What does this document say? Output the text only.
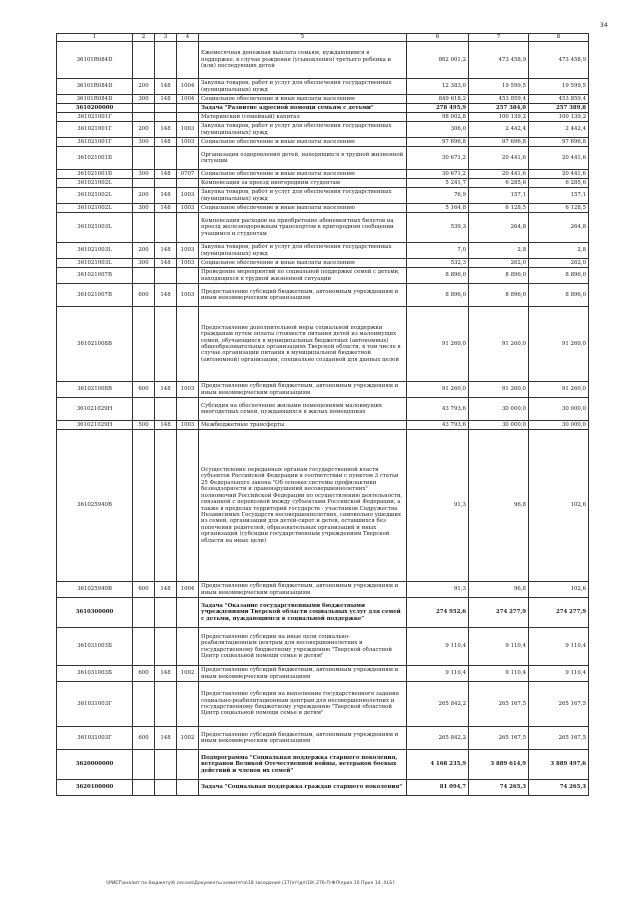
34
1	2	3	4	5	6	7	8
36101R084D				Ежемесячная денежная выплата семьям, нуждающимся в поддержке, в случае рождения (усыновления) третьего ребенка и (или) последующих детей	862 001,2	473 458,9	473 458,9
36101R084D	200	148	1004	Закупка товаров, работ и услуг для обеспечения государственных (муниципальных) нужд	12 383,0	19 599,5	19 599,5
36101R084D	300	148	1004	Социальное обеспечение и иные выплаты населению	849 618,2	453 859,4	453 859,4
3610200000				Задача "Развитие адресной помощи семьям с детьми"	278 495,9	257 384,0	257 389,8
361021001Г				Материнский (семейный) капитал	98 002,8	100 139,2	100 139,2
361021001Г	200	148	1003	Закупка товаров, работ и услуг для обеспечения государственных (муниципальных) нужд	306,0	2 442,4	2 442,4
361021001Г	300	148	1003	Социальное обеспечение и иные выплаты населению	97 696,8	97 696,8	97 696,8
361021001Б				Организация оздоровления детей, находящихся в трудной жизненной ситуации	30 671,2	20 441,6	20 441,6
361021001Б	300	148	0707	Социальное обеспечение и иные выплаты населению	30 671,2	20 441,6	20 441,6
361021002L				Компенсация за проезд иногородним студентам	5 241,7	6 285,6	6 285,6
361021002L	200	148	1003	Закупка товаров, работ и услуг для обеспечения государственных (муниципальных) нужд	76,9	157,1	157,1
361021002L	300	148	1003	Социальное обеспечение и иные выплаты населению	5 164,8	6 128,5	6 128,5
361021003L				Компенсация расходов на приобретение абонементных билетов на проезд железнодорожным транспортом в пригородном сообщении учащимся и студентам	539,3	264,8	264,8
361021003L	200	148	1003	Закупка товаров, работ и услуг для обеспечения государственных (муниципальных) нужд	7,0	2,8	2,8
361021003L	300	148	1003	Социальное обеспечение и иные выплаты населению	532,3	262,0	262,0
361021007В				Проведение мероприятий по социальной поддержке семей с детьми, находящихся в трудной жизненной ситуации	8 896,0	8 896,0	8 896,0
361021007В	600	148	1003	Предоставление субсидий бюджетным, автономным учреждениям и иным некоммерческим организациям	8 896,0	8 896,0	8 896,0
361021008В				Предоставление дополнительной меры социальной поддержки гражданам путем оплаты стоимости питания детей из малоимущих семей, обучающихся в муниципальных бюджетных (автономных) общеобразовательных организациях Тверской области, в том числе в случае организации питания в муниципальной бюджетной (автономной) организации, специально созданной для данных целей	91 260,0	91 260,0	91 260,0
361021008В	600	148	1003	Предоставление субсидий бюджетным, автономным учреждениям и иным некоммерческим организациям	91 260,0	91 260,0	91 260,0
361021029Н				Субсидия на обеспечение жилыми помещениями малоимущих многодетных семей, нуждающихся в жилых помещениях	43 793,6	30 000,0	30 000,0
361021029Н	500	148	1003	Межбюджетные трансферты	43 793,6	30 000,0	30 000,0
361025940В				Осуществление переданных органам государственной власти субъектов Российской Федерации в соответствии с пунктом 3 статьи 25 Федерального закона "Об основах системы профилактики безнадзорности и правонарушений несовершеннолетних" полномочий Российской Федерации по осуществлению деятельности, связанной с перевозкой между субъектами Российской Федерации, а также в пределах территорий государств - участников Содружества Независимых Государств несовершеннолетних, самовольно ушедших из семей, организаций для детей-сирот и детей, оставшихся без попечения родителей, образовательных организаций и иных организаций (субсидии государственным учреждениям Тверской области на иные цели)	91,3	96,8	102,6
361025940В	600	148	1004	Предоставление субсидий бюджетным, автономным учреждениям и иным некоммерческим организациям	91,3	96,8	102,6
3610300000				Задача "Оказание государственными бюджетными учреждениями Тверской области социальных услуг для семей с детьми, нуждающимся в социальной поддержке"	274 952,6	274 277,9	274 277,9
361031003Б				Предоставление субсидии на иные цели социально-реабилитационным центрам для несовершеннолетних и государственному бюджетному учреждению "Тверской областной Центр социальной помощи семье и детям"	9 110,4	9 110,4	9 110,4
361031003Б	600	148	1002	Предоставление субсидий бюджетным, автономным учреждениям и иным некоммерческим организациям	9 110,4	9 110,4	9 110,4
361031003Г				Предоставление субсидии на выполнение государственного задания социально-реабилитационным центрам для несовершеннолетних и государственному бюджетному учреждению "Тверской областной Центр социальной помощи семье и детям"	265 842,2	265 167,5	265 167,5
361031003Г	600	148	1002	Предоставление субсидий бюджетным, автономным учреждениям и иным некоммерческим организациям	265 842,2	265 167,5	265 167,5
3620000000				Подпрограмма "Социальная поддержка старшего поколения, ветеранов Великой Отечественной войны, ветеранов боевых действий и членов их семей"	4 168 235,9	3 889 614,9	3 889 497,6
3620100000				Задача "Социальная поддержка граждан старшего поколения"	81 094,7	74 265,3	74 265,3
\\РИЕТ\аналит по бюджету\б сессия\Документы комитета\18 заседание (17)\п¹\дп\18\ 276-П-ФЛ\прил 10 Прил 14 .XLS?
